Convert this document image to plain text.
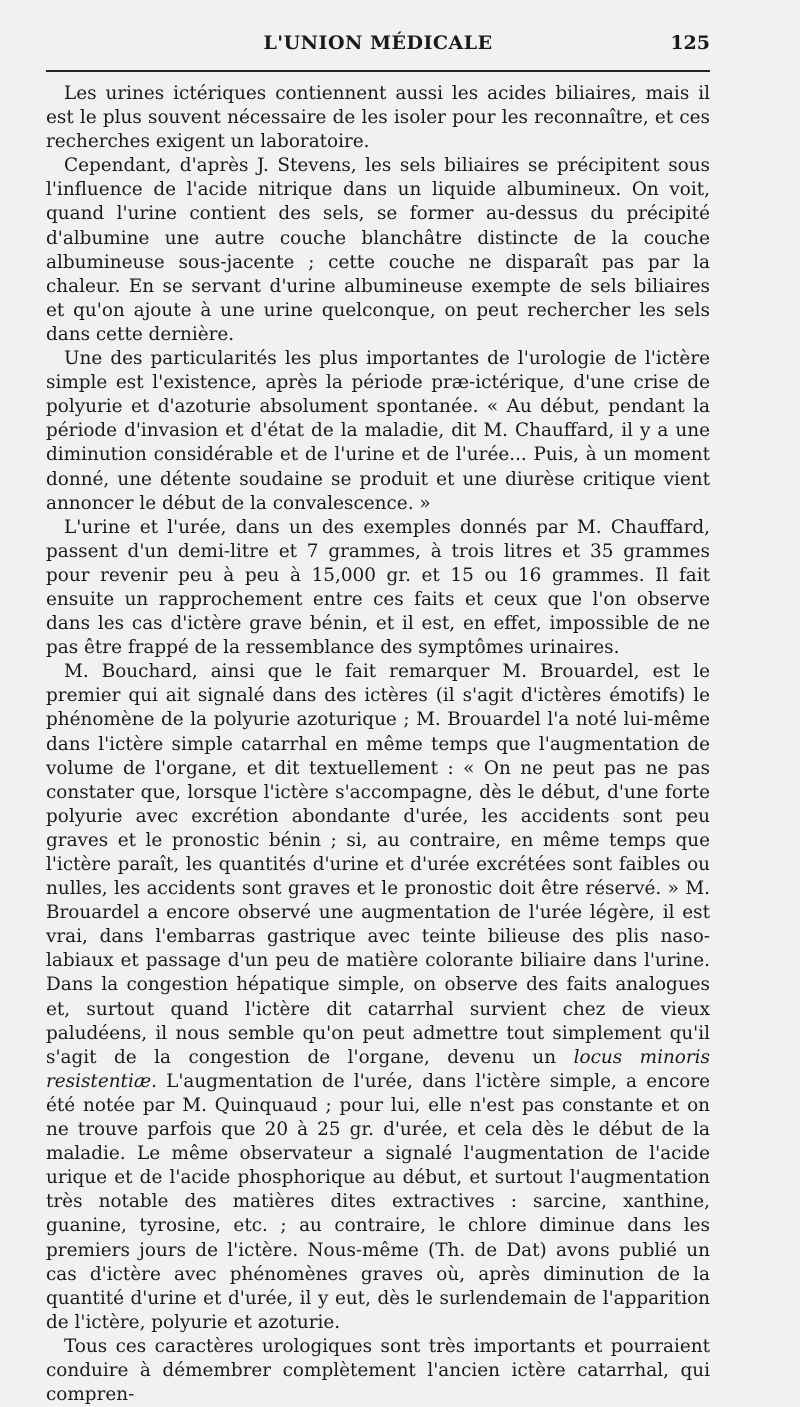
L'UNION MÉDICALE	125

Les urines ictériques contiennent aussi les acides biliaires, mais il est le plus souvent nécessaire de les isoler pour les reconnaître, et ces recherches exigent un laboratoire.

Cependant, d'après J. Stevens, les sels biliaires se précipitent sous l'influence de l'acide nitrique dans un liquide albumineux. On voit, quand l'urine contient des sels, se former au-dessus du précipité d'albumine une autre couche blanchâtre distincte de la couche albumineuse sous-jacente ; cette couche ne disparaît pas par la chaleur. En se servant d'urine albumineuse exempte de sels biliaires et qu'on ajoute à une urine quelconque, on peut rechercher les sels dans cette dernière.

Une des particularités les plus importantes de l'urologie de l'ictère simple est l'existence, après la période præ-ictérique, d'une crise de polyurie et d'azoturie absolument spontanée. « Au début, pendant la période d'invasion et d'état de la maladie, dit M. Chauffard, il y a une diminution considérable et de l'urine et de l'urée... Puis, à un moment donné, une détente soudaine se produit et une diurèse critique vient annoncer le début de la convalescence. »

L'urine et l'urée, dans un des exemples donnés par M. Chauffard, passent d'un demi-litre et 7 grammes, à trois litres et 35 grammes pour revenir peu à peu à 15,000 gr. et 15 ou 16 grammes. Il fait ensuite un rapprochement entre ces faits et ceux que l'on observe dans les cas d'ictère grave bénin, et il est, en effet, impossible de ne pas être frappé de la ressemblance des symptômes urinaires.

M. Bouchard, ainsi que le fait remarquer M. Brouardel, est le premier qui ait signalé dans des ictères (il s'agit d'ictères émotifs) le phénomène de la polyurie azoturique ; M. Brouardel l'a noté lui-même dans l'ictère simple catarrhal en même temps que l'augmentation de volume de l'organe, et dit textuellement : « On ne peut pas ne pas constater que, lorsque l'ictère s'accompagne, dès le début, d'une forte polyurie avec excrétion abondante d'urée, les accidents sont peu graves et le pronostic bénin ; si, au contraire, en même temps que l'ictère paraît, les quantités d'urine et d'urée excrétées sont faibles ou nulles, les accidents sont graves et le pronostic doit être réservé. » M. Brouardel a encore observé une augmentation de l'urée légère, il est vrai, dans l'embarras gastrique avec teinte bilieuse des plis naso-labiaux et passage d'un peu de matière colorante biliaire dans l'urine. Dans la congestion hépatique simple, on observe des faits analogues et, surtout quand l'ictère dit catarrhal survient chez de vieux paludéens, il nous semble qu'on peut admettre tout simplement qu'il s'agit de la congestion de l'organe, devenu un locus minoris resistentiæ. L'augmentation de l'urée, dans l'ictère simple, a encore été notée par M. Quinquaud ; pour lui, elle n'est pas constante et on ne trouve parfois que 20 à 25 gr. d'urée, et cela dès le début de la maladie. Le même observateur a signalé l'augmentation de l'acide urique et de l'acide phosphorique au début, et surtout l'augmentation très notable des matières dites extractives : sarcine, xanthine, guanine, tyrosine, etc. ; au contraire, le chlore diminue dans les premiers jours de l'ictère. Nous-même (Th. de Dat) avons publié un cas d'ictère avec phénomènes graves où, après diminution de la quantité d'urine et d'urée, il y eut, dès le surlendemain de l'apparition de l'ictère, polyurie et azoturie.

Tous ces caractères urologiques sont très importants et pourraient conduire à démembrer complètement l'ancien ictère catarrhal, qui compren-
